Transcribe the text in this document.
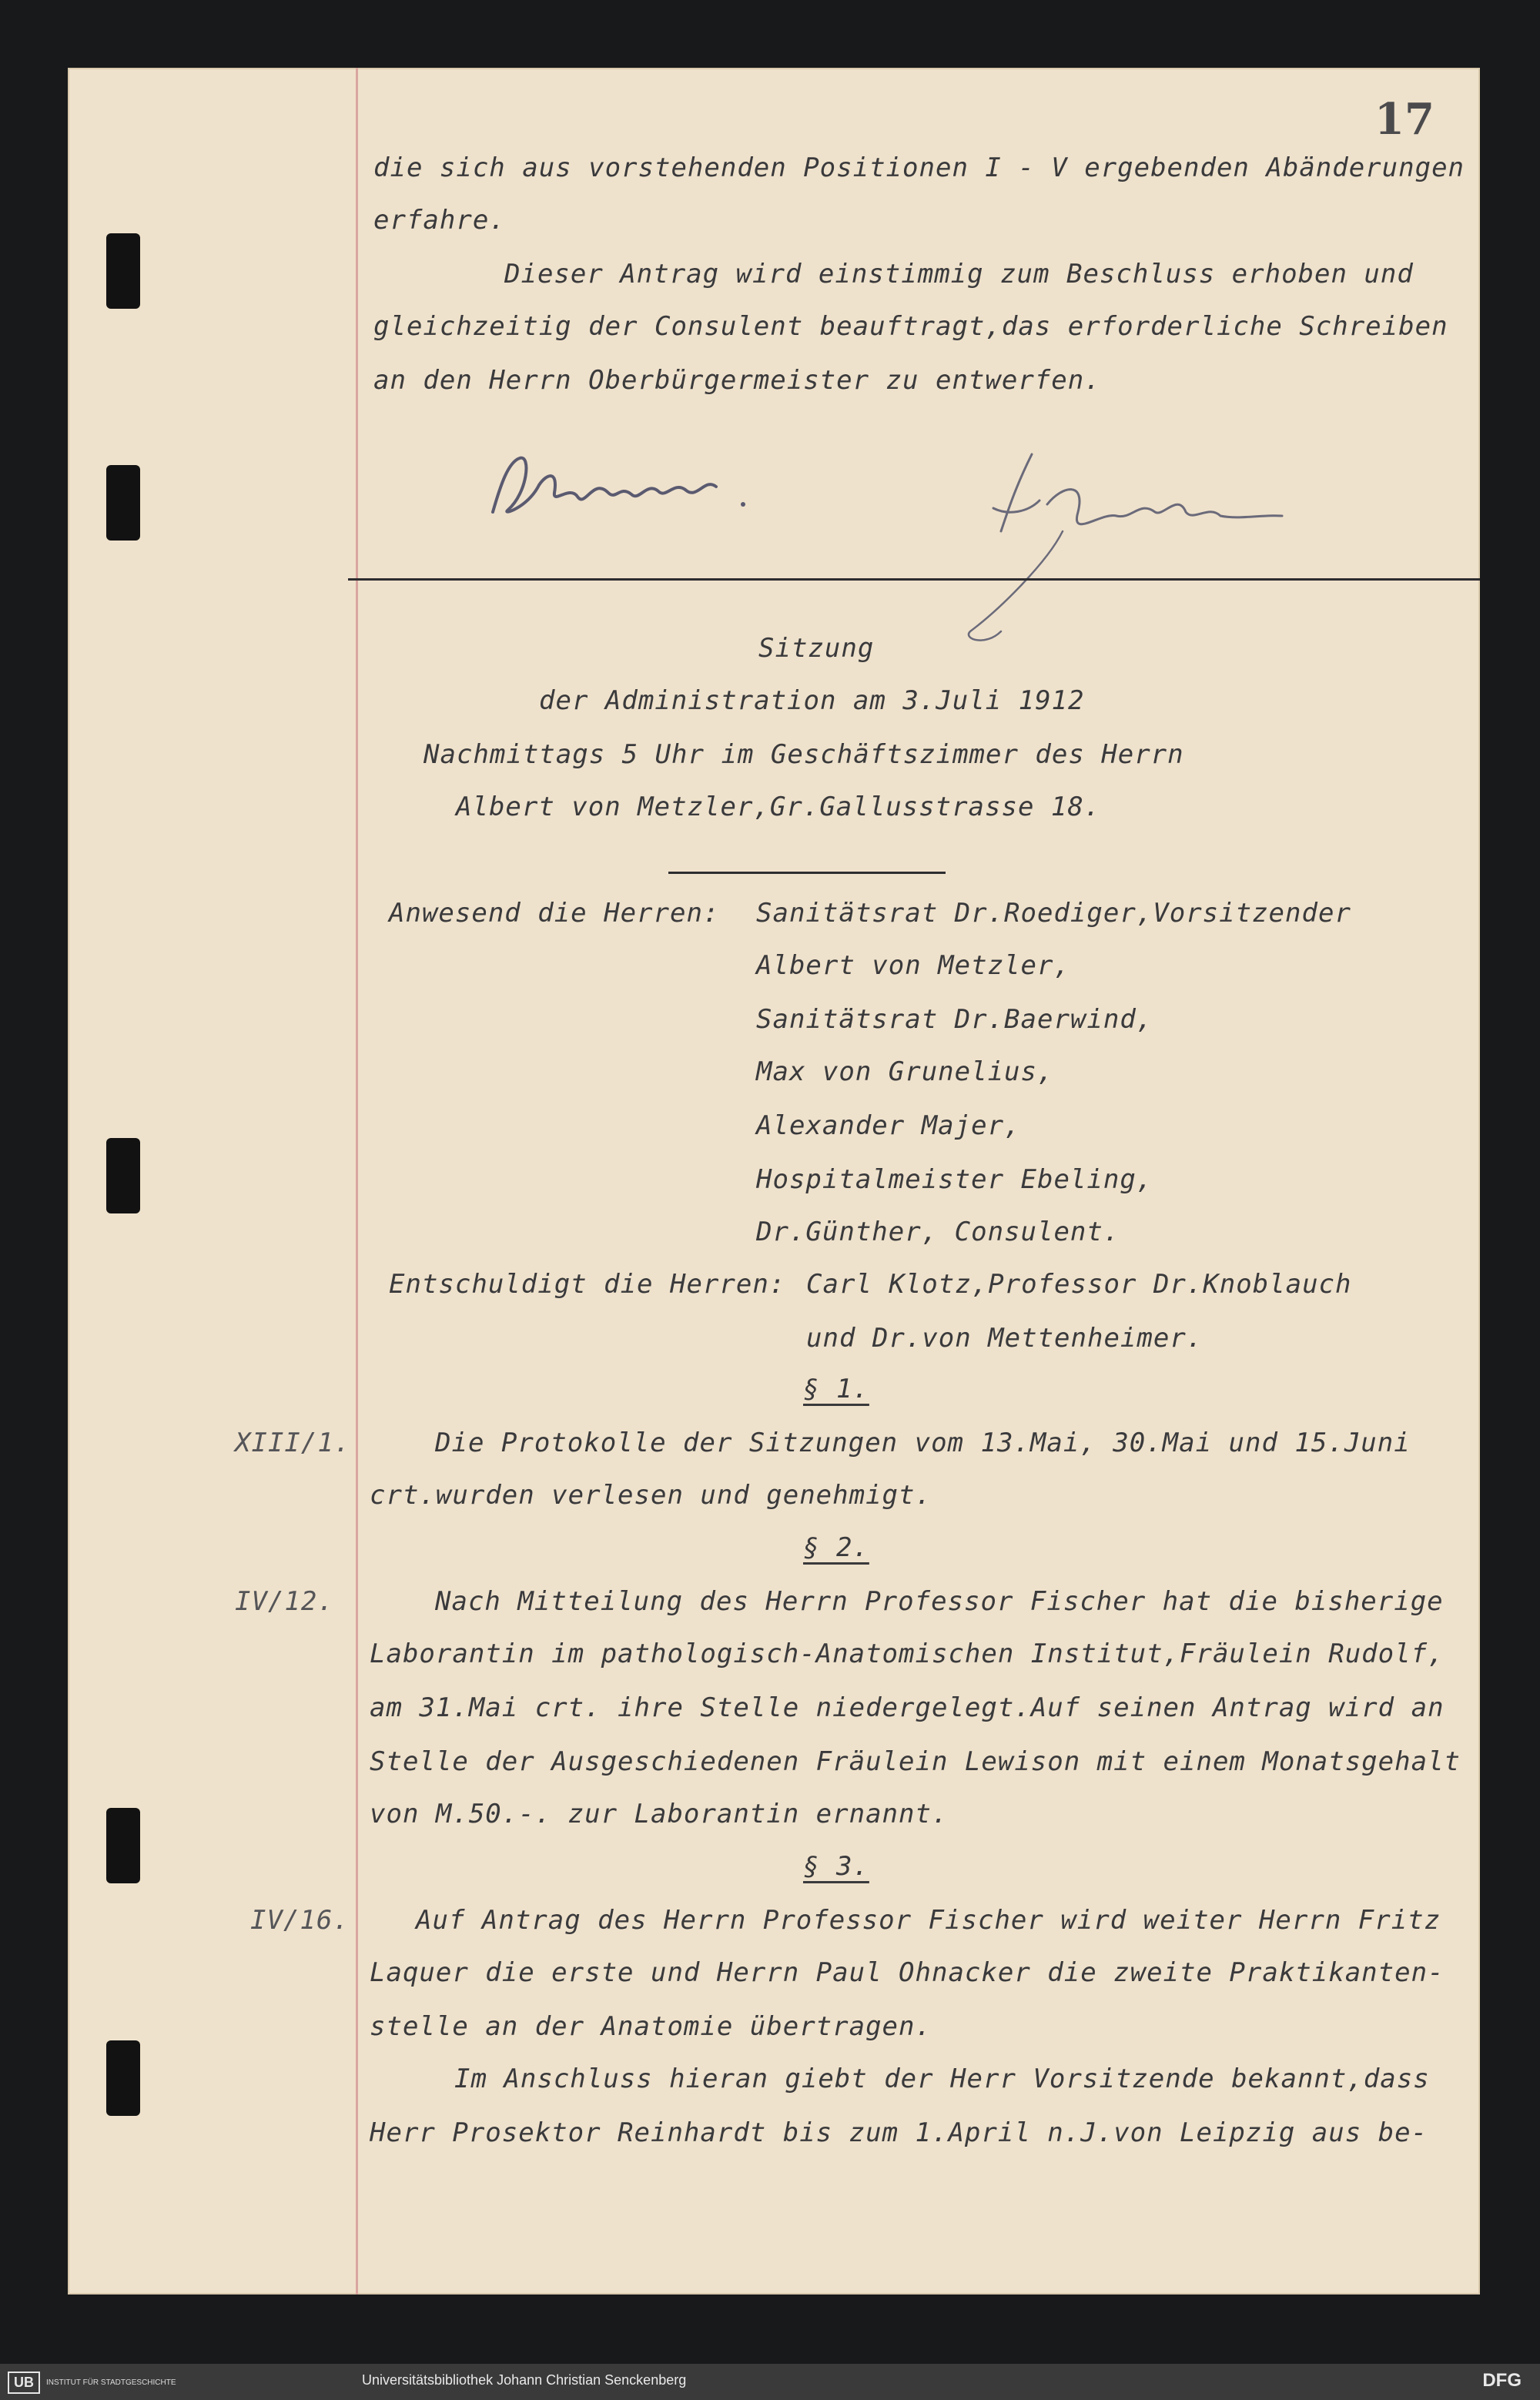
17
die sich aus vorstehenden Positionen I - V ergebenden Abänderungen
erfahre.
Dieser Antrag wird einstimmig zum Beschluss erhoben und
gleichzeitig der Consulent beauftragt,das erforderliche Schreiben
an den Herrn Oberbürgermeister zu entwerfen.
Sitzung
der Administration am 3.Juli 1912
Nachmittags 5 Uhr im Geschäftszimmer des Herrn
Albert von Metzler,Gr.Gallusstrasse 18.
Anwesend die Herren: Sanitätsrat Dr.Roediger,Vorsitzender
Albert von Metzler,
Sanitätsrat Dr.Baerwind,
Max von Grunelius,
Alexander Majer,
Hospitalmeister Ebeling,
Dr.Günther, Consulent.
Entschuldigt die Herren: Carl Klotz,Professor Dr.Knoblauch
und Dr.von Mettenheimer.
§ 1.
XIII/1.	Die Protokolle der Sitzungen vom 13.Mai, 30.Mai und 15.Juni
crt.wurden verlesen und genehmigt.
§ 2.
IV/12.	Nach Mitteilung des Herrn Professor Fischer hat die bisherige
Laborantin im pathologisch-Anatomischen Institut,Fräulein Rudolf,
am 31.Mai crt. ihre Stelle niedergelegt.Auf seinen Antrag wird an
Stelle der Ausgeschiedenen Fräulein Lewison mit einem Monatsgehalt
von M.50.-. zur Laborantin ernannt.
§ 3.
IV/16.	Auf Antrag des Herrn Professor Fischer wird weiter Herrn Fritz
Laquer die erste und Herrn Paul Ohnacker die zweite Praktikanten-
stelle an der Anatomie übertragen.
Im Anschluss hieran giebt der Herr Vorsitzende bekannt,dass
Herr Prosektor Reinhardt bis zum 1.April n.J.von Leipzig aus be-
UB	INSTITUT FÜR STADTGESCHICHTE	Universitätsbibliothek Johann Christian Senckenberg	DFG
